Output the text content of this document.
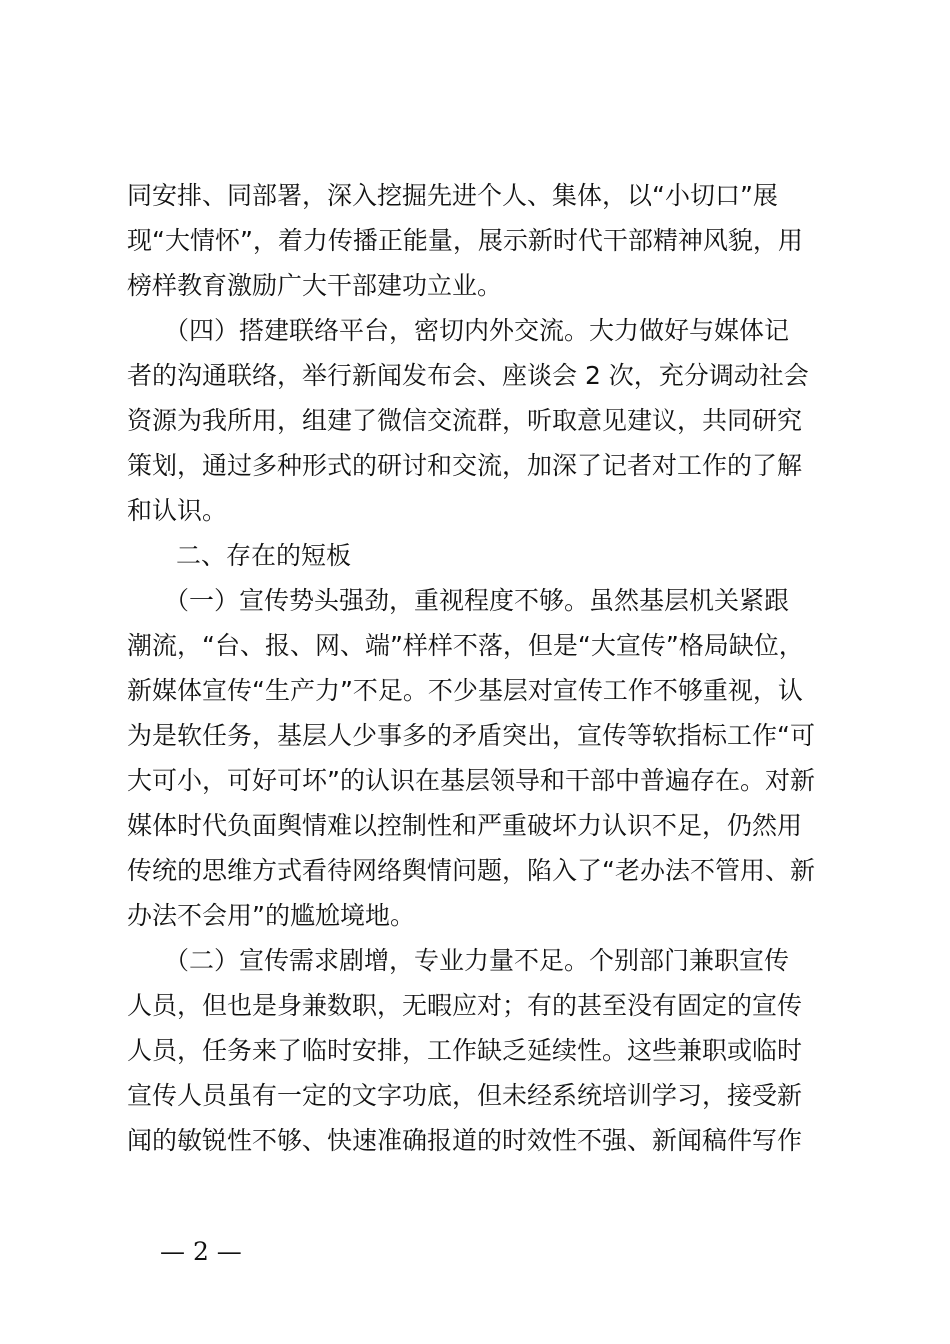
同安排、同部署，深入挖掘先进个人、集体，以“小切口”展
现“大情怀”，着力传播正能量，展示新时代干部精神风貌，用
榜样教育激励广大干部建功立业。
（四）搭建联络平台，密切内外交流。大力做好与媒体记
者的沟通联络，举行新闻发布会、座谈会 2 次，充分调动社会
资源为我所用，组建了微信交流群，听取意见建议，共同研究
策划，通过多种形式的研讨和交流，加深了记者对工作的了解
和认识。
二、存在的短板
（一）宣传势头强劲，重视程度不够。虽然基层机关紧跟
潮流，“台、报、网、端”样样不落，但是“大宣传”格局缺位，
新媒体宣传“生产力”不足。不少基层对宣传工作不够重视，认
为是软任务，基层人少事多的矛盾突出，宣传等软指标工作“可
大可小，可好可坏”的认识在基层领导和干部中普遍存在。对新
媒体时代负面舆情难以控制性和严重破坏力认识不足，仍然用
传统的思维方式看待网络舆情问题，陷入了“老办法不管用、新
办法不会用”的尴尬境地。
（二）宣传需求剧增，专业力量不足。个别部门兼职宣传
人员，但也是身兼数职，无暇应对；有的甚至没有固定的宣传
人员，任务来了临时安排，工作缺乏延续性。这些兼职或临时
宣传人员虽有一定的文字功底，但未经系统培训学习，接受新
闻的敏锐性不够、快速准确报道的时效性不强、新闻稿件写作
— 2 —
